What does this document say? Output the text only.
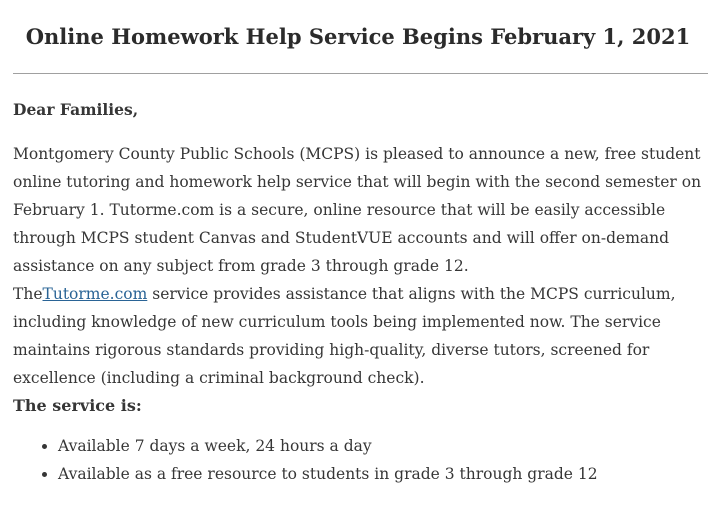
Online Homework Help Service Begins February 1, 2021

Dear Families,

Montgomery County Public Schools (MCPS) is pleased to announce a new, free student online tutoring and homework help service that will begin with the second semester on February 1. Tutorme.com is a secure, online resource that will be easily accessible through MCPS student Canvas and StudentVUE accounts and will offer on-demand assistance on any subject from grade 3 through grade 12.

TheTutorme.com service provides assistance that aligns with the MCPS curriculum, including knowledge of new curriculum tools being implemented now. The service maintains rigorous standards providing high-quality, diverse tutors, screened for excellence (including a criminal background check).

The service is:

• Available 7 days a week, 24 hours a day
• Available as a free resource to students in grade 3 through grade 12
